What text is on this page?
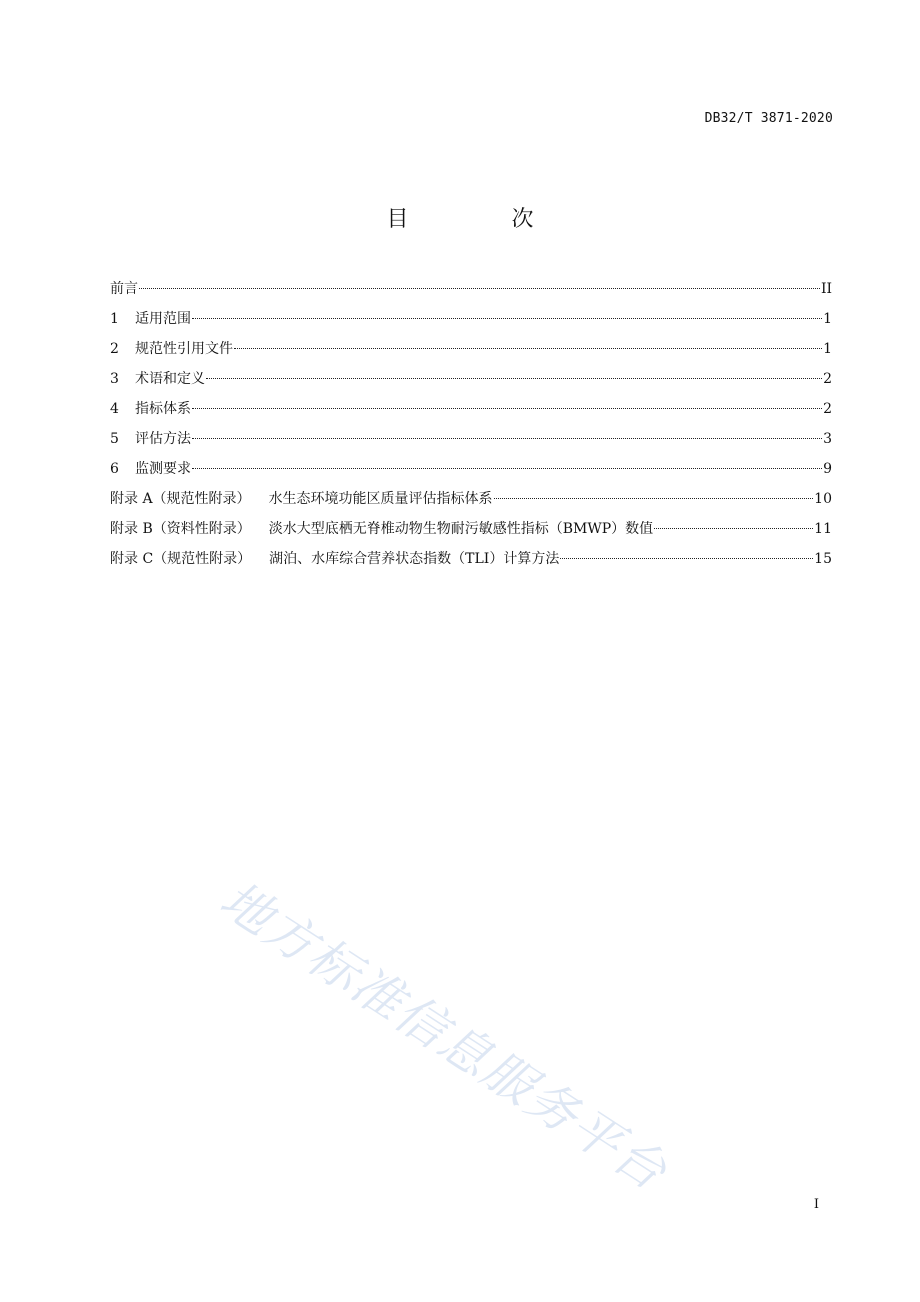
DB32/T 3871-2020
目 次
前言	II
1	适用范围	1
2	规范性引用文件	1
3	术语和定义	2
4	指标体系	2
5	评估方法	3
6	监测要求	9
附录 A（规范性附录） 水生态环境功能区质量评估指标体系	10
附录 B（资料性附录） 淡水大型底栖无脊椎动物生物耐污敏感性指标（BMWP）数值	11
附录 C（规范性附录） 湖泊、水库综合营养状态指数（TLI）计算方法	15
地方标准信息服务平台
I
